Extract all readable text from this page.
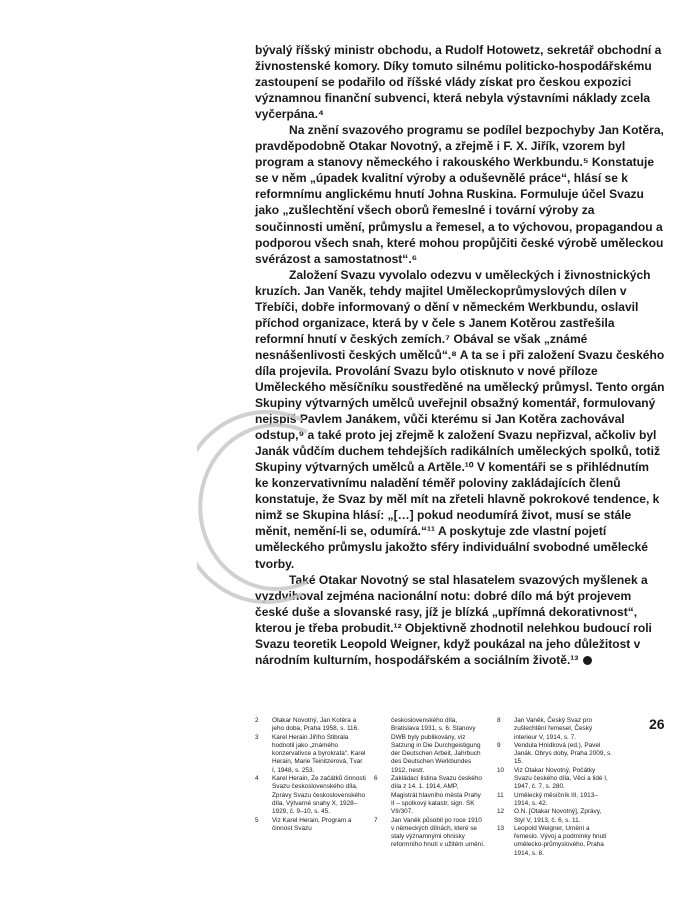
bývalý říšský ministr obchodu, a Rudolf Hotowetz, sekretář obchodní a živnostenské komory. Díky tomuto silnému politicko-hospodářskému zastoupení se podařilo od říšské vlády získat pro českou expozici významnou finanční subvenci, která nebyla výstavními náklady zcela vyčerpána.⁴

Na znění svazového programu se podílel bezpochyby Jan Kotěra, pravděpodobně Otakar Novotný, a zřejmě i F. X. Jiřík, vzorem byl program a stanovy německého i rakouského Werkbundu.⁵ Konstatuje se v něm „úpadek kvalitní výroby a oduševnělé práce“, hlásí se k reformnímu anglickému hnutí Johna Ruskina. Formuluje účel Svazu jako „zušlechtění všech oborů řemeslné i tovární výroby za součinnosti umění, průmyslu a řemesel, a to výchovou, propagandou a podporou všech snah, které mohou propůjčiti české výrobě uměleckou svérázost a samostatnost“.⁶

Založení Svazu vyvolalo odezvu v uměleckých i živnostnických kruzích. Jan Vaněk, tehdy majitel Uměleckoprůmyslových dílen v Třebíči, dobře informovaný o dění v německém Werkbundu, oslavil příchod organizace, která by v čele s Janem Kotěrou zastřešila reformní hnutí v českých zemích.⁷ Obával se však „známé nesnášenlivosti českých umělců“.⁸ A ta se i při založení Svazu českého díla projevila. Provolání Svazu bylo otisknuto v nové příloze Uměleckého měsíčníku soustředěné na umělecký průmysl. Tento orgán Skupiny výtvarných umělců uveřejnil obsažný komentář, formulovaný nejspíš Pavlem Janákem, vůči kterému si Jan Kotěra zachovával odstup,⁹ a také proto jej zřejmě k založení Svazu nepřizval, ačkoliv byl Janák vůdčím duchem tehdejších radikálních uměleckých spolků, totiž Skupiny výtvarných umělců a Artěle.¹⁰ V komentáři se s přihlédnutím ke konzervativnímu naladění téměř poloviny zakládajících členů konstatuje, že Svaz by měl mít na zřeteli hlavně pokrokové tendence, k nimž se Skupina hlásí: „[…] pokud neodumírá život, musí se stále měnit, nemění-li se, odumírá.“¹¹ A poskytuje zde vlastní pojetí uměleckého průmyslu jakožto sféry individuální svobodné umělecké tvorby.

Také Otakar Novotný se stal hlasatelem svazových myšlenek a vyzdvihoval zejména nacionální notu: dobré dílo má být projevem české duše a slovanské rasy, jíž je blízká „upřímná dekorativnost“, kterou je třeba probudit.¹² Objektivně zhodnotil nelehkou budoucí roli Svazu teoretik Leopold Weigner, když poukázal na jeho důležitost v národním kulturním, hospodářském a sociálním životě.¹³

26
2 Otakar Novotný, Jan Kotěra a jeho doba, Praha 1958, s. 116.
3 Karel Herain Jiřího Stibrala hodnotil jako „známého konzervativce a byrokrata“. Karel Herain, Marie Teinitzerová, Tvar I, 1948, s. 253.
4 Karel Herain, Ze začátků činnosti Svazu československého díla, Zprávy Svazu československého díla, Výtvarné snahy X, 1928–1929, č. 9–10, s. 45.
5 Viz Karel Herain, Program a činnost Svazu
československého díla, Bratislava 1931, s. 6. Stanovy DWB byly publikovány, viz Satzung in Die Durchgeistigung der Deutschen Arbeit, Jahrbuch des Deutschen Werkbundes 1912, nestr.
6 Zakládací listina Svazu českého díla z 14. 1. 1914, AMP, Magistrát hlavního města Prahy II – spolkový katastr, sign. SK VII/307.
7 Jan Vaněk působil po roce 1910 v německých dílnách, které se staly významnými ohnisky reformního hnutí v užitém umění.
8 Jan Vaněk, Český Svaz pro zušlechtění řemesel, Český interieur V, 1914, s. 7.
9 Vendula Hnídková (ed.), Pavel Janák. Obrys doby, Praha 2009, s. 15.
10 Viz Otakar Novotný, Počátky Svazu českého díla, Věci a lidé I, 1947, č. 7, s. 280.
11 Umělecký měsíčník III, 1913–1914, s. 42.
12 O.N. [Otakar Novotný], Zprávy, Styl V, 1913, č. 6, s. 11.
13 Leopold Weigner, Umění a řemeslo. Vývoj a podmínky hnutí umělecko-průmyslového, Praha 1914, s. 8.
